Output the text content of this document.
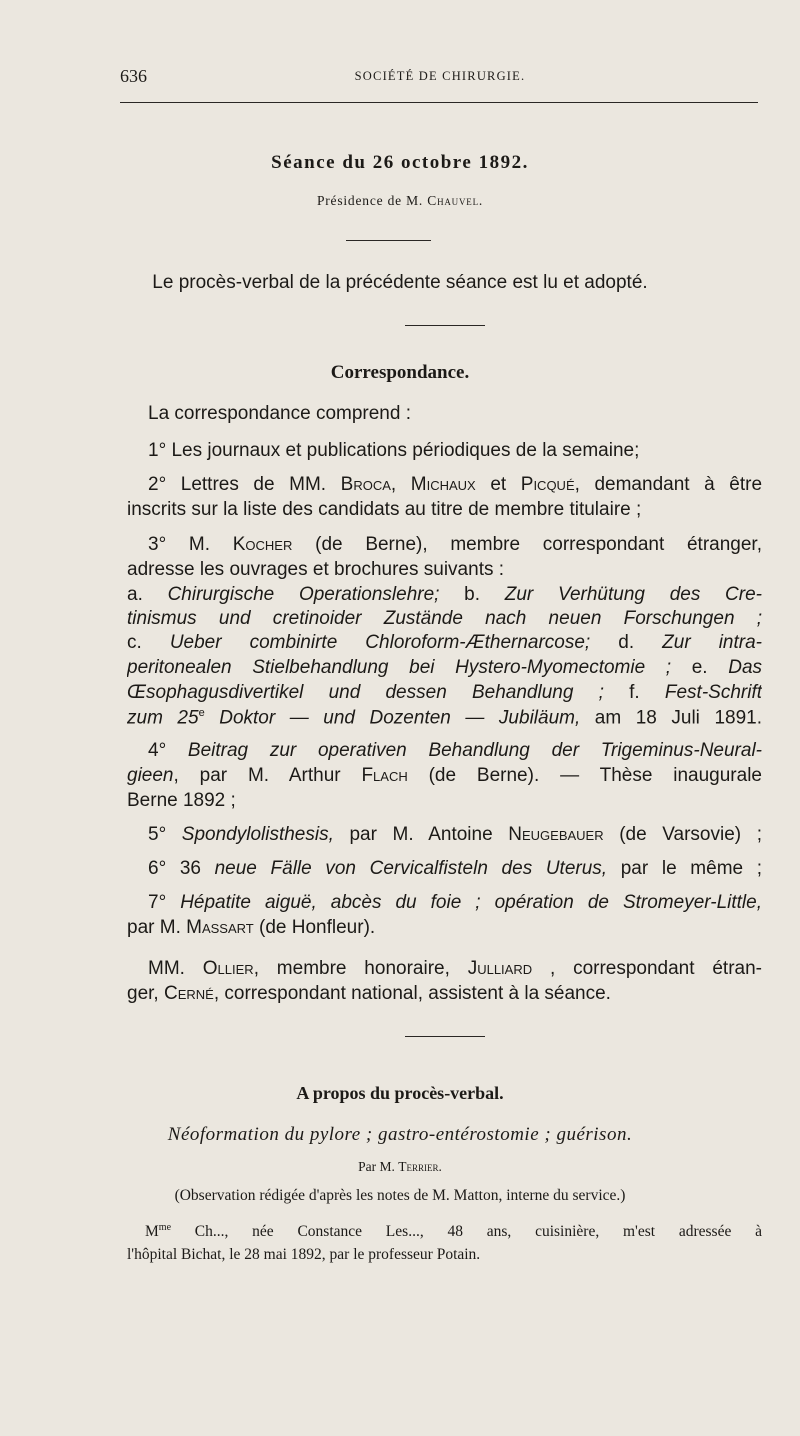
636	SOCIÉTÉ DE CHIRURGIE.
Séance du 26 octobre 1892.
Présidence de M. Chauvel.
Le procès-verbal de la précédente séance est lu et adopté.
Correspondance.
La correspondance comprend :
1° Les journaux et publications périodiques de la semaine;
2° Lettres de MM. Broca, Michaux et Picqué, demandant à être
inscrits sur la liste des candidats au titre de membre titulaire ;
3° M. Kocher (de Berne), membre correspondant étranger,
adresse les ouvrages et brochures suivants :
a. Chirurgische Operationslehre; b. Zur Verhütung des Cre-
tinismus und cretinoider Zustände nach neuen Forschungen ;
c. Ueber combinirte Chloroform-Æthernarcose; d. Zur intra-
peritonealen Stielbehandlung bei Hystero-Myomectomie ; e. Das
Œsophagusdivertikel und dessen Behandlung ; f. Fest-Schrift
zum 25e Doktor — und Dozenten — Jubiläum, am 18 Juli 1891.
4° Beitrag zur operativen Behandlung der Trigeminus-Neural-
gieen, par M. Arthur Flach (de Berne). — Thèse inaugurale
Berne 1892 ;
5° Spondylolisthesis, par M. Antoine Neugebauer (de Varsovie) ;
6° 36 neue Fälle von Cervicalfisteln des Uterus, par le même ;
7° Hépatite aiguë, abcès du foie ; opération de Stromeyer-Little,
par M. Massart (de Honfleur).
MM. Ollier, membre honoraire, Julliard , correspondant étran-
ger, Cerné, correspondant national, assistent à la séance.
A propos du procès-verbal.
Néoformation du pylore ; gastro-entérostomie ; guérison.
Par M. Terrier.
(Observation rédigée d'après les notes de M. Matton, interne du service.)
$M^{me}$ Ch..., née Constance Les..., 48 ans, cuisinière, m'est adressée à
l'hôpital Bichat, le 28 mai 1892, par le professeur Potain.
